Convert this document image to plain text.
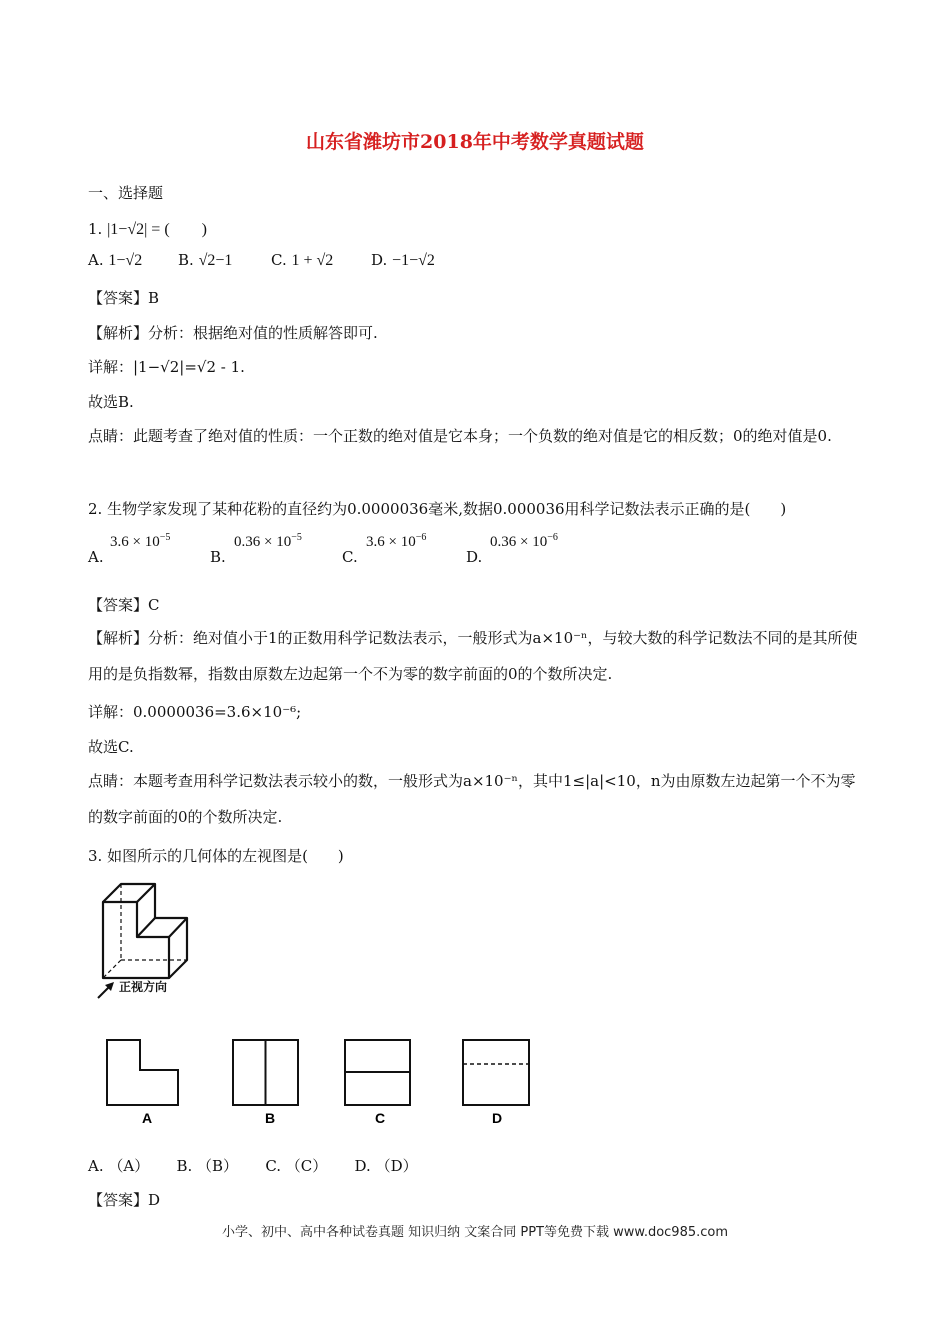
山东省潍坊市2018年中考数学真题试题
一、选择题
1. |1−√2| = (　　)
A. 1−√2 B. √2−1	C. 1 + √2	D. −1−√2
【答案】B
【解析】分析：根据绝对值的性质解答即可.
详解：|1−√2|=√2 - 1.
故选B.
点睛：此题考查了绝对值的性质：一个正数的绝对值是它本身；一个负数的绝对值是它的相反数；0的绝对值是0.
2. 生物学家发现了某种花粉的直径约为0.0000036毫米,数据0.000036用科学记数法表示正确的是(　　)
A.
$3.6 \times 10^{-5}$
B.
$0.36 \times 10^{-5}$
C.
$3.6 \times 10^{-6}$
D.
$0.36 \times 10^{-6}$
【答案】C
【解析】分析：绝对值小于1的正数用科学记数法表示，一般形式为a×10⁻ⁿ，与较大数的科学记数法不同的是其所使用的是负指数幂，指数由原数左边起第一个不为零的数字前面的0的个数所决定.
详解：0.0000036=3.6×10⁻⁶;
故选C.
点睛：本题考查用科学记数法表示较小的数，一般形式为a×10⁻ⁿ，其中1≤|a|<10，n为由原数左边起第一个不为零的数字前面的0的个数所决定.
3. 如图所示的几何体的左视图是(　　)
正视方向
A	B	C	D
A. （A）　　 B. （B）　　 C. （C）　　 D. （D）
【答案】D
小学、初中、高中各种试卷真题 知识归纳 文案合同 PPT等免费下载 www.doc985.com
